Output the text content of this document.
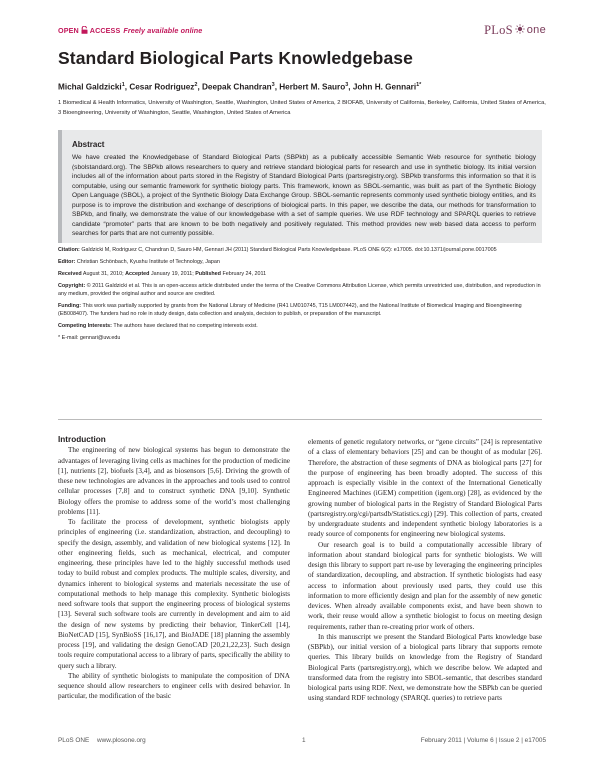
OPEN ACCESS Freely available online	PLoS one
Standard Biological Parts Knowledgebase
Michal Galdzicki$^1$, Cesar Rodriguez$^2$, Deepak Chandran$^3$, Herbert M. Sauro$^3$, John H. Gennari$^{1*}$
1 Biomedical & Health Informatics, University of Washington, Seattle, Washington, United States of America, 2 BIOFAB, University of California, Berkeley, California, United States of America, 3 Bioengineering, University of Washington, Seattle, Washington, United States of America
Abstract
We have created the Knowledgebase of Standard Biological Parts (SBPkb) as a publically accessible Semantic Web resource for synthetic biology (sbolstandard.org). The SBPkb allows researchers to query and retrieve standard biological parts for research and use in synthetic biology. Its initial version includes all of the information about parts stored in the Registry of Standard Biological Parts (partsregistry.org). SBPkb transforms this information so that it is computable, using our semantic framework for synthetic biology parts. This framework, known as SBOL-semantic, was built as part of the Synthetic Biology Open Language (SBOL), a project of the Synthetic Biology Data Exchange Group. SBOL-semantic represents commonly used synthetic biology entities, and its purpose is to improve the distribution and exchange of descriptions of biological parts. In this paper, we describe the data, our methods for transformation to SBPkb, and finally, we demonstrate the value of our knowledgebase with a set of sample queries. We use RDF technology and SPARQL queries to retrieve candidate “promoter” parts that are known to be both negatively and positively regulated. This method provides new web based data access to perform searches for parts that are not currently possible.

Citation: Galdzicki M, Rodriguez C, Chandran D, Sauro HM, Gennari JH (2011) Standard Biological Parts Knowledgebase. PLoS ONE 6(2): e17005. doi:10.1371/journal.pone.0017005

Editor: Christian Schönbach, Kyushu Institute of Technology, Japan

Received August 31, 2010; Accepted January 19, 2011; Published February 24, 2011

Copyright: © 2011 Galdzicki et al. This is an open-access article distributed under the terms of the Creative Commons Attribution License, which permits unrestricted use, distribution, and reproduction in any medium, provided the original author and source are credited.

Funding: This work was partially supported by grants from the National Library of Medicine (R41 LM010745, T15 LM007442), and the National Institute of Biomedical Imaging and Bioengineering (EB008407). The funders had no role in study design, data collection and analysis, decision to publish, or preparation of the manuscript.

Competing Interests: The authors have declared that no competing interests exist.

* E-mail: gennari@uw.edu

Introduction

The engineering of new biological systems has begun to demonstrate the advantages of leveraging living cells as machines for the production of medicine [1], nutrients [2], biofuels [3,4], and as biosensors [5,6]. Driving the growth of these new technologies are advances in the approaches and tools used to control cellular processes [7,8] and to construct synthetic DNA [9,10]. Synthetic Biology offers the promise to address some of the world’s most challenging problems [11].

To facilitate the process of development, synthetic biologists apply principles of engineering (i.e. standardization, abstraction, and decoupling) to specify the design, assembly, and validation of new biological systems [12]. In other engineering fields, such as mechanical, electrical, and computer engineering, these principles have led to the highly successful methods used today to build robust and complex products. The multiple scales, diversity, and dynamics inherent to biological systems and materials necessitate the use of computational methods to help manage this complexity. Synthetic biologists need software tools that support the engineering process of biological systems [13]. Several such software tools are currently in development and aim to aid the design of new systems by predicting their behavior, TinkerCell [14], BioNetCAD [15], SynBioSS [16,17], and BioJADE [18] planning the assembly process [19], and validating the design GenoCAD [20,21,22,23]. Such design tools require computational access to a library of parts, specifically the ability to query such a library.

The ability of synthetic biologists to manipulate the composition of DNA sequence should allow researchers to engineer cells with desired behavior. In particular, the modification of the basic

elements of genetic regulatory networks, or “gene circuits” [24] is representative of a class of elementary behaviors [25] and can be thought of as modular [26]. Therefore, the abstraction of these segments of DNA as biological parts [27] for the purpose of engineering has been broadly adopted. The success of this approach is especially visible in the context of the International Genetically Engineered Machines (iGEM) competition (igem.org) [28], as evidenced by the growing number of biological parts in the Registry of Standard Biological Parts (partsregistry.org/cgi/partsdb/Statistics.cgi) [29]. This collection of parts, created by undergraduate students and independent synthetic biology laboratories is a ready source of components for engineering new biological systems.

Our research goal is to build a computationally accessible library of information about standard biological parts for synthetic biologists. We will design this library to support part re-use by leveraging the engineering principles of standardization, decoupling, and abstraction. If synthetic biologists had easy access to information about previously used parts, they could use this information to more efficiently design and plan for the assembly of new genetic devices. When already available components exist, and have been shown to work, their reuse would allow a synthetic biologist to focus on meeting design requirements, rather than re-creating prior work of others.

In this manuscript we present the Standard Biological Parts knowledge base (SBPkb), our initial version of a biological parts library that supports remote queries. This library builds on knowledge from the Registry of Standard Biological Parts (partsregistry.org), which we describe below. We adapted and transformed data from the registry into SBOL-semantic, that describes standard biological parts using RDF. Next, we demonstrate how the SBPkb can be queried using standard RDF technology (SPARQL queries) to retrieve parts

PLoS ONE www.plosone.org	1	February 2011 | Volume 6 | Issue 2 | e17005
